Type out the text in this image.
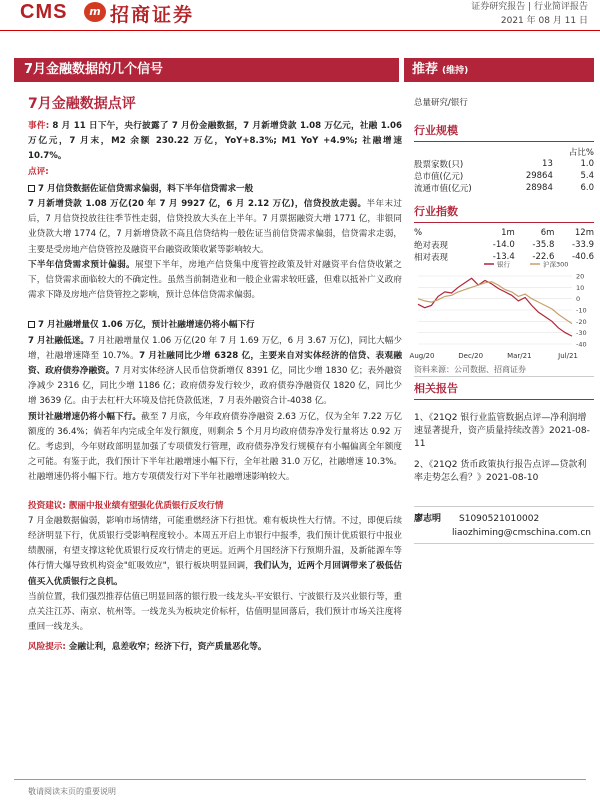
CMS	m 招商证券	证券研究报告 | 行业简评报告
2021 年 08 月 11 日
7月金融数据的几个信号	推荐 (维持)
7月金融数据点评

事件: 8 月 11 日下午，央行披露了 7 月份金融数据，7 月新增贷款 1.08 万亿元，社融 1.06 万亿元，7 月末，M2 余额 230.22 万亿，YoY+8.3%; M1 YoY +4.9%; 社融增速 10.7%。

点评:

7 月信贷数据佐证信贷需求偏弱，料下半年信贷需求一般

7 月新增贷款 1.08 万亿(20 年 7 月 9927 亿，6 月 2.12 万亿)，信贷投放走弱。半年末过后，7 月信贷投放往往季节性走弱，信贷投放大头在上半年。7 月票据融资大增 1771 亿，非银同业贷款大增 1774 亿，7 月新增贷款不高且信贷结构一般佐证当前信贷需求偏弱，信贷需求走弱，主要是受房地产信贷管控及融资平台融资政策收紧等影响较大。

下半年信贷需求预计偏弱。展望下半年，房地产信贷集中度管控政策及针对融资平台信贷收紧之下，信贷需求面临较大的不确定性。虽然当前制造业和一般企业需求较旺盛，但难以抵补广义政府需求下降及房地产信贷管控之影响，预计总体信贷需求偏弱。

7 月社融增量仅 1.06 万亿，预计社融增速仍将小幅下行

7 月社融低迷。7 月社融增量仅 1.06 万亿(20 年 7 月 1.69 万亿，6 月 3.67 万亿)，同比大幅少增，社融增速降至 10.7%。7 月社融同比少增 6328 亿，主要来自对实体经济的信贷、表观融资、政府债券净融资。7 月对实体经济人民币信贷新增仅 8391 亿，同比少增 1830 亿；表外融资净减少 2316 亿，同比少增 1186 亿；政府债券发行较少，政府债券净融资仅 1820 亿，同比少增 3639 亿。由于去杠杆大环境及信托贷款低迷，7 月表外融资合计-4038 亿。

预计社融增速仍将小幅下行。截至 7 月底，今年政府债券净融资 2.63 万亿，仅为全年 7.22 万亿额度的 36.4%；倘若年内完成全年发行额度，则剩余 5 个月月均政府债券净发行量将达 0.92 万亿。考虑到，今年财政部明显加强了专项债发行管理，政府债券净发行规模存有小幅偏离全年额度之可能。有鉴于此，我们预计下半年社融增速小幅下行，全年社融 31.0 万亿，社融增速 10.3%。社融增速仍将小幅下行。地方专项债发行对下半年社融增速影响较大。

投资建议: 靓丽中报业绩有望强化优质银行反攻行情

7 月金融数据偏弱，影响市场情绪，可能重燃经济下行担忧。难有板块性大行情。不过，即便后续经济明显下行，优质银行受影响程度较小。本周五开启上市银行中报季，我们预计优质银行中报业绩靓丽，有望支撑这轮优质银行反攻行情走的更远。近两个月国经济下行预期升温，及新能源车等体行情大爆导致机构资金"虹吸效应"，银行板块明显回调，我们认为，近两个月回调带来了极低估值买入优质银行之良机。

当前位置，我们强烈推荐估值已明显回落的银行股一线龙头-平安银行、宁波银行及兴业银行等，重点关注江苏、南京、杭州等。一线龙头为板块定价标杆，估值明显回落后，我们预计市场关注度将重回一线龙头。

风险提示: 金融让利，息差收窄；经济下行，资产质量恶化等。

总量研究/银行
行业规模
		占比%
股票家数(只)	13	1.0
总市值(亿元)	29864	5.4
流通市值(亿元)	28984	6.0
行业指数
%	1m	6m	12m
绝对表现	-14.0	-35.8	-33.9
相对表现	-13.4	-22.6	-40.6
银行	沪深300
Aug/20	Dec/20	Mar/21	Jul/21
20
10
0
-10
-20
-30
-40
资料来源：公司数据、招商证券
相关报告
1、《21Q2 银行业监管数据点评—净利润增速显著提升，资产质量持续改善》2021-08-11
2、《21Q2 货币政策执行报告点评—贷款利率走势怎么看？》2021-08-10
廖志明 S1090521010002
liaozhiming@cmschina.com.cn
敬请阅读末页的重要说明
